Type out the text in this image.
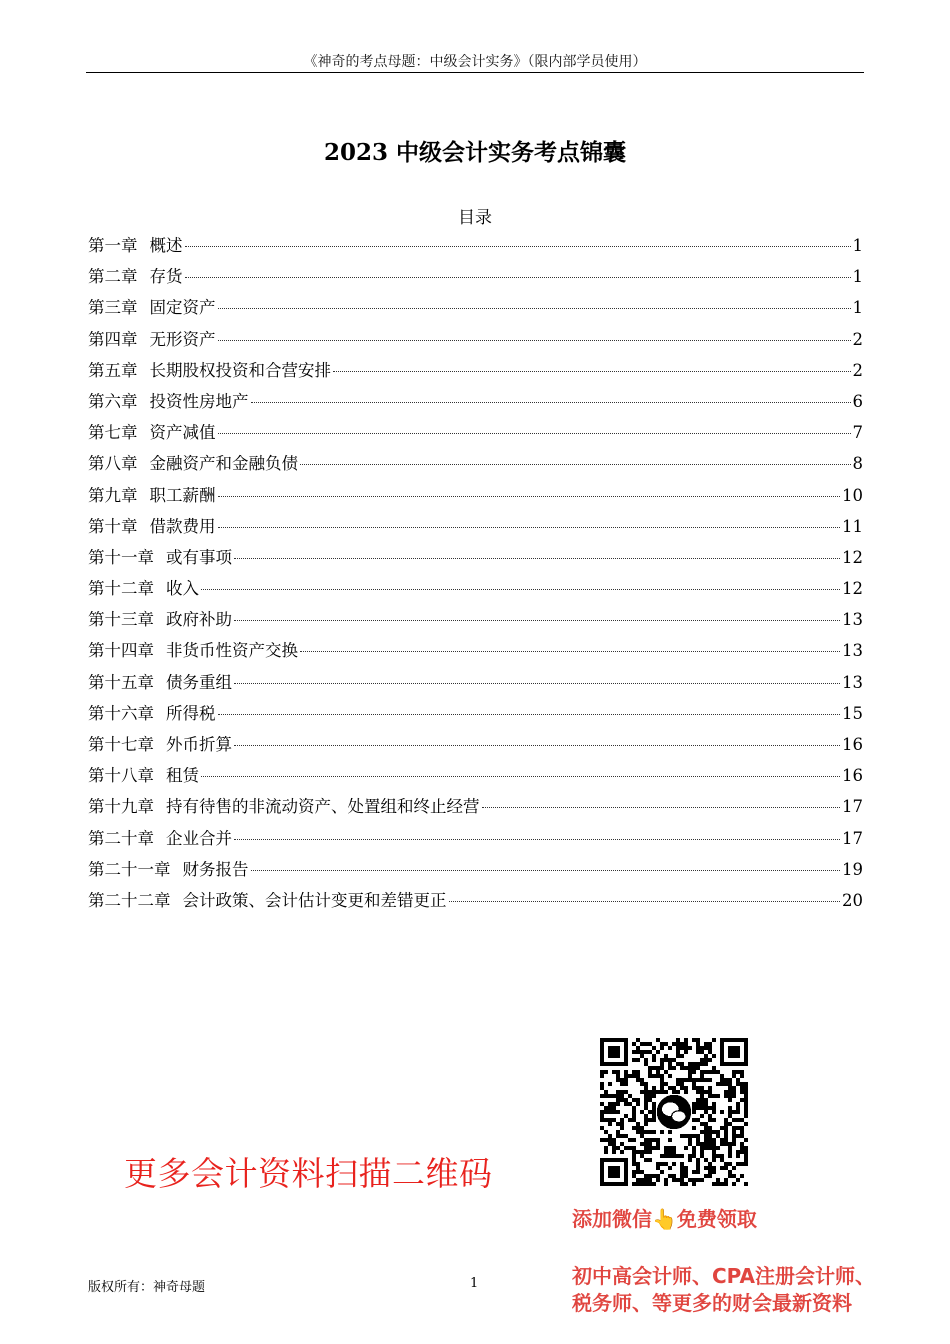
《神奇的考点母题：中级会计实务》（限内部学员使用）
2023 中级会计实务考点锦囊
目录
第一章 概述	1
第二章 存货	1
第三章 固定资产	1
第四章 无形资产	2
第五章 长期股权投资和合营安排	2
第六章 投资性房地产	6
第七章 资产减值	7
第八章 金融资产和金融负债	8
第九章 职工薪酬	10
第十章 借款费用	11
第十一章 或有事项	12
第十二章 收入	12
第十三章 政府补助	13
第十四章 非货币性资产交换	13
第十五章 债务重组	13
第十六章 所得税	15
第十七章 外币折算	16
第十八章 租赁	16
第十九章 持有待售的非流动资产、处置组和终止经营	17
第二十章 企业合并	17
第二十一章 财务报告	19
第二十二章 会计政策、会计估计变更和差错更正	20
更多会计资料扫描二维码
添加微信👆免费领取
初中高会计师、CPA注册会计师、
税务师、等更多的财会最新资料
版权所有：神奇母题	1
